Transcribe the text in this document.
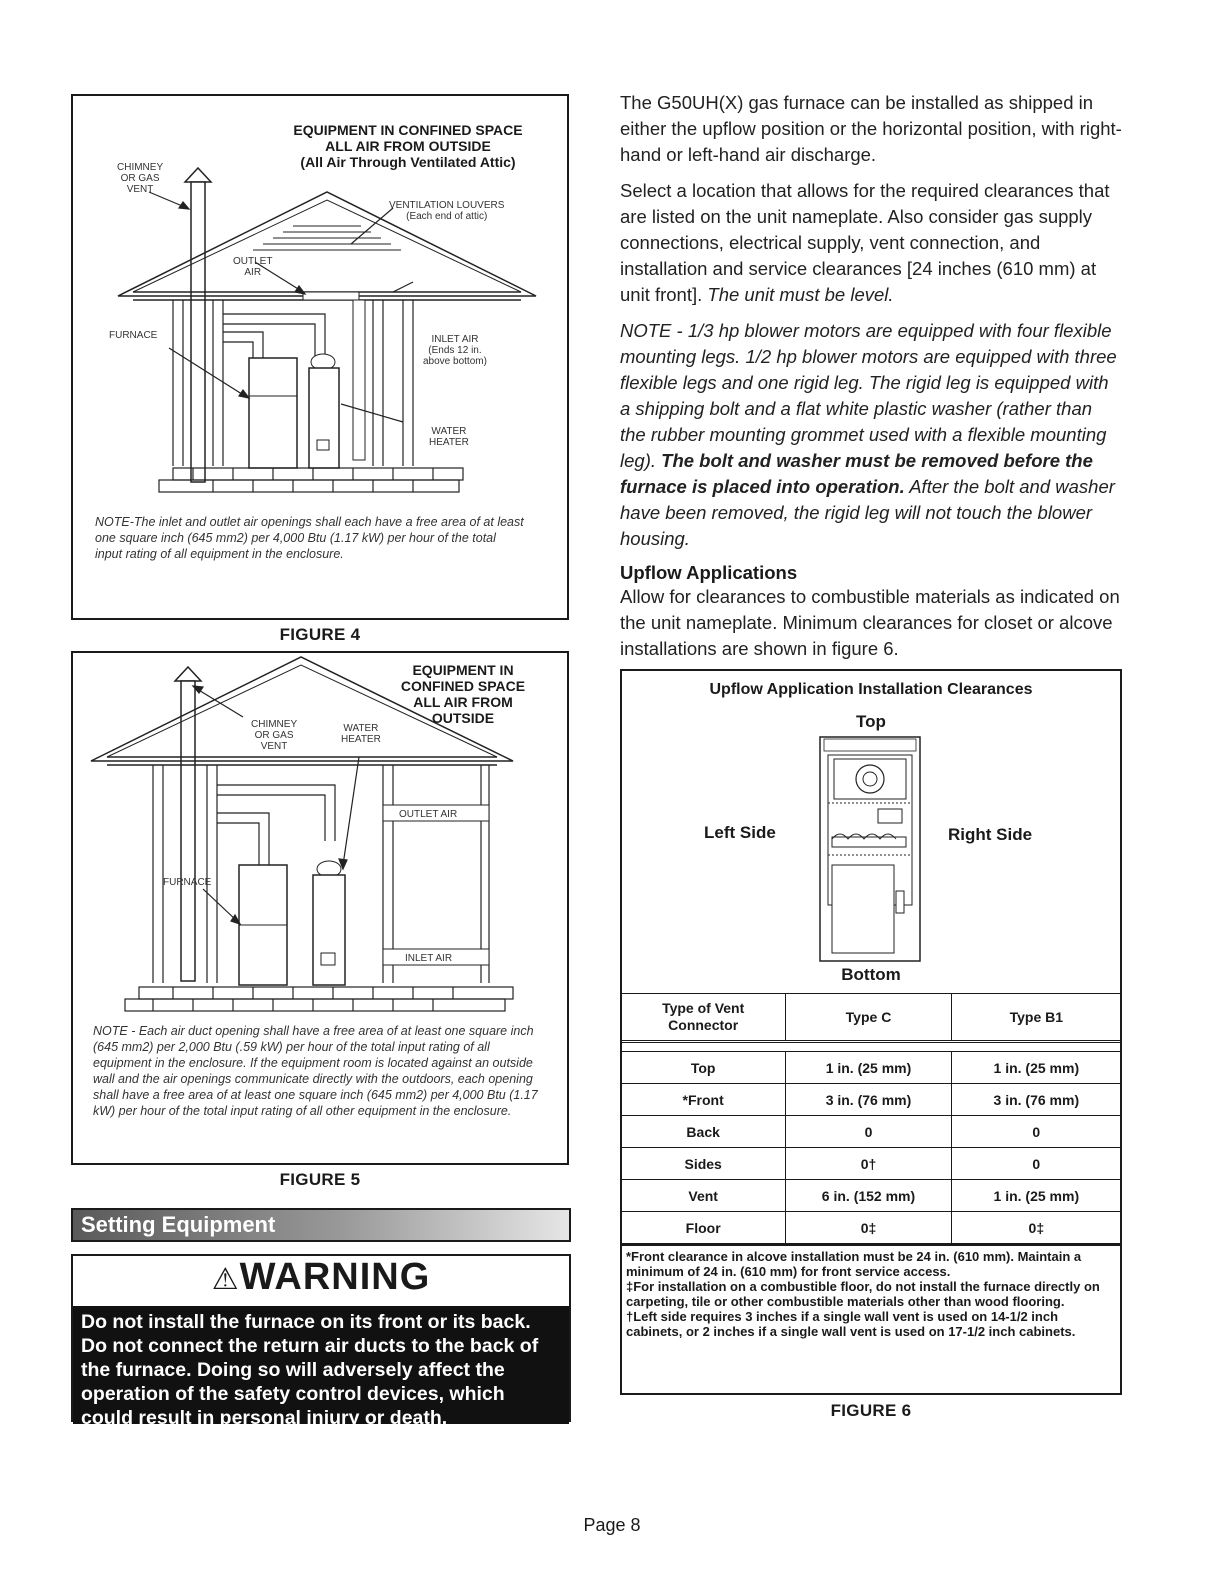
EQUIPMENT IN CONFINED SPACE
ALL AIR FROM OUTSIDE
(All Air Through Ventilated Attic)
CHIMNEY
OR GAS
VENT
VENTILATION LOUVERS
(Each end of attic)
OUTLET
AIR
FURNACE	INLET AIR
(Ends 12 in.
above bottom)
WATER
HEATER
NOTE-The inlet and outlet air openings shall each have a free area of at least one square inch (645 mm2) per 4,000 Btu (1.17 kW) per hour of the total input rating of all equipment in the enclosure.
FIGURE 4
EQUIPMENT IN
CONFINED SPACE
ALL AIR FROM
OUTSIDE
CHIMNEY
OR GAS
VENT
WATER
HEATER
OUTLET AIR
FURNACE
INLET AIR
NOTE - Each air duct opening shall have a free area of at least one square inch (645 mm2) per 2,000 Btu (.59 kW) per hour of the total input rating of all equipment in the enclosure. If the equipment room is located against an outside wall and the air openings communicate directly with the outdoors, each opening shall have a free area of at least one square inch (645 mm2) per 4,000 Btu (1.17 kW) per hour of the total input rating of all other equipment in the enclosure.
FIGURE 5
Setting Equipment
⚠WARNING
Do not install the furnace on its front or its back. Do not connect the return air ducts to the back of the furnace. Doing so will adversely affect the operation of the safety control devices, which could result in personal injury or death.

The G50UH(X) gas furnace can be installed as shipped in either the upflow position or the horizontal position, with right-hand or left-hand air discharge.

Select a location that allows for the required clearances that are listed on the unit nameplate. Also consider gas supply connections, electrical supply, vent connection, and installation and service clearances [24 inches (610 mm) at unit front]. The unit must be level.

NOTE - 1/3 hp blower motors are equipped with four flexible mounting legs. 1/2 hp blower motors are equipped with three flexible legs and one rigid leg. The rigid leg is equipped with a shipping bolt and a flat white plastic washer (rather than the rubber mounting grommet used with a flexible mounting leg). The bolt and washer must be removed before the furnace is placed into operation. After the bolt and washer have been removed, the rigid leg will not touch the blower housing.

Upflow Applications

Allow for clearances to combustible materials as indicated on the unit nameplate. Minimum clearances for closet or alcove installations are shown in figure 6.

Upflow Application Installation Clearances
Top
Left Side	Right Side
Bottom
Type of Vent Connector	Type C	Type B1

Top	1 in. (25 mm)	1 in. (25 mm)
*Front	3 in. (76 mm)	3 in. (76 mm)
Back	0	0
Sides	0†	0
Vent	6 in. (152 mm)	1 in. (25 mm)
Floor	0‡	0‡
*Front clearance in alcove installation must be 24 in. (610 mm). Maintain a minimum of 24 in. (610 mm) for front service access.
‡For installation on a combustible floor, do not install the furnace directly on carpeting, tile or other combustible materials other than wood flooring.
†Left side requires 3 inches if a single wall vent is used on 14-1/2 inch cabinets, or 2 inches if a single wall vent is used on 17-1/2 inch cabinets.
FIGURE 6
Page 8
